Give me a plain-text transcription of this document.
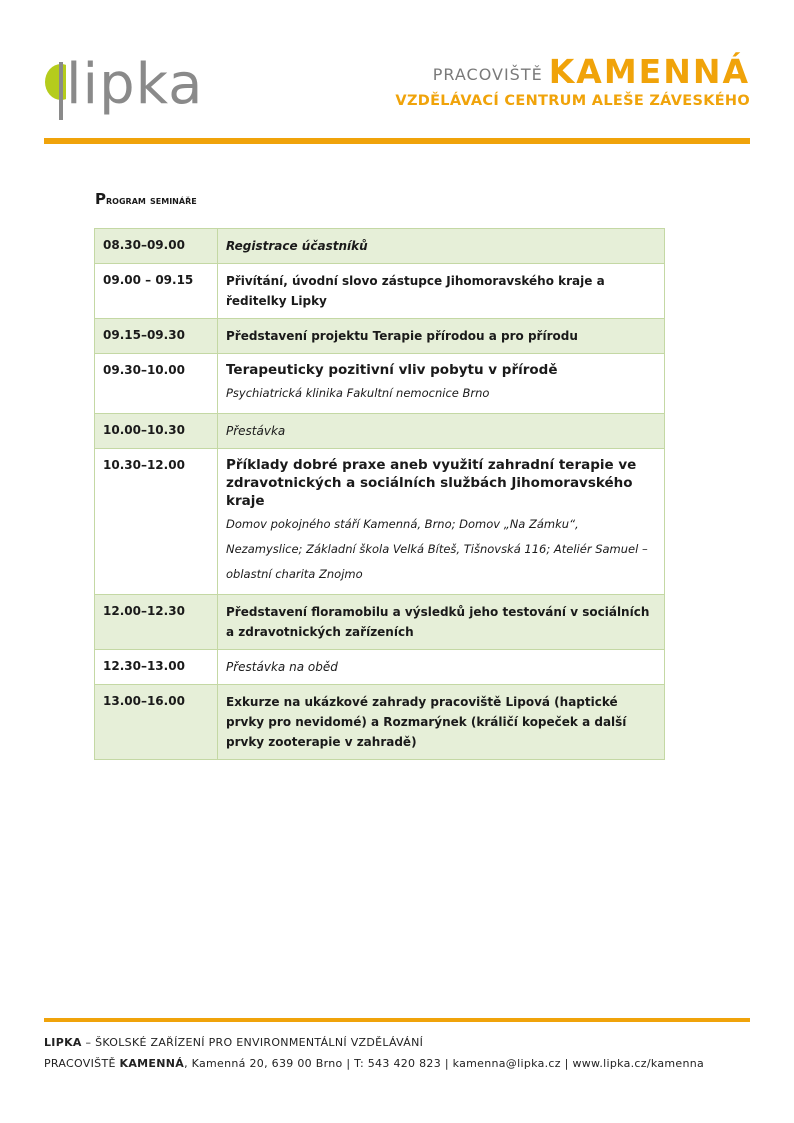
lipka	PRACOVIŠTĚ KAMENNÁ
VZDĚLÁVACÍ CENTRUM ALEŠE ZÁVESKÉHO
Program semináře
08.30–09.00	Registrace účastníků

09.00 – 09.15	Přivítání, úvodní slovo zástupce Jihomoravského kraje a ředitelky Lipky

09.15–09.30	Představení projektu Terapie přírodou a pro přírodu

09.30–10.00	Terapeuticky pozitivní vliv pobytu v přírodě
Psychiatrická klinika Fakultní nemocnice Brno

10.00–10.30	Přestávka

10.30–12.00	Příklady dobré praxe aneb využití zahradní terapie ve zdravotnických a sociálních službách Jihomoravského kraje
Domov pokojného stáří Kamenná, Brno; Domov „Na Zámku“, Nezamyslice; Základní škola Velká Bíteš, Tišnovská 116; Ateliér Samuel – oblastní charita Znojmo

12.00–12.30	Představení floramobilu a výsledků jeho testování v sociálních a zdravotnických zařízeních

12.30–13.00	Přestávka na oběd

13.00–16.00	Exkurze na ukázkové zahrady pracoviště Lipová (haptické prvky pro nevidomé) a Rozmarýnek (králičí kopeček a další prvky zooterapie v zahradě)
LIPKA – ŠKOLSKÉ ZAŘÍZENÍ PRO ENVIRONMENTÁLNÍ VZDĚLÁVÁNÍ
PRACOVIŠTĚ KAMENNÁ, Kamenná 20, 639 00 Brno | T: 543 420 823 | kamenna@lipka.cz | www.lipka.cz/kamenna
